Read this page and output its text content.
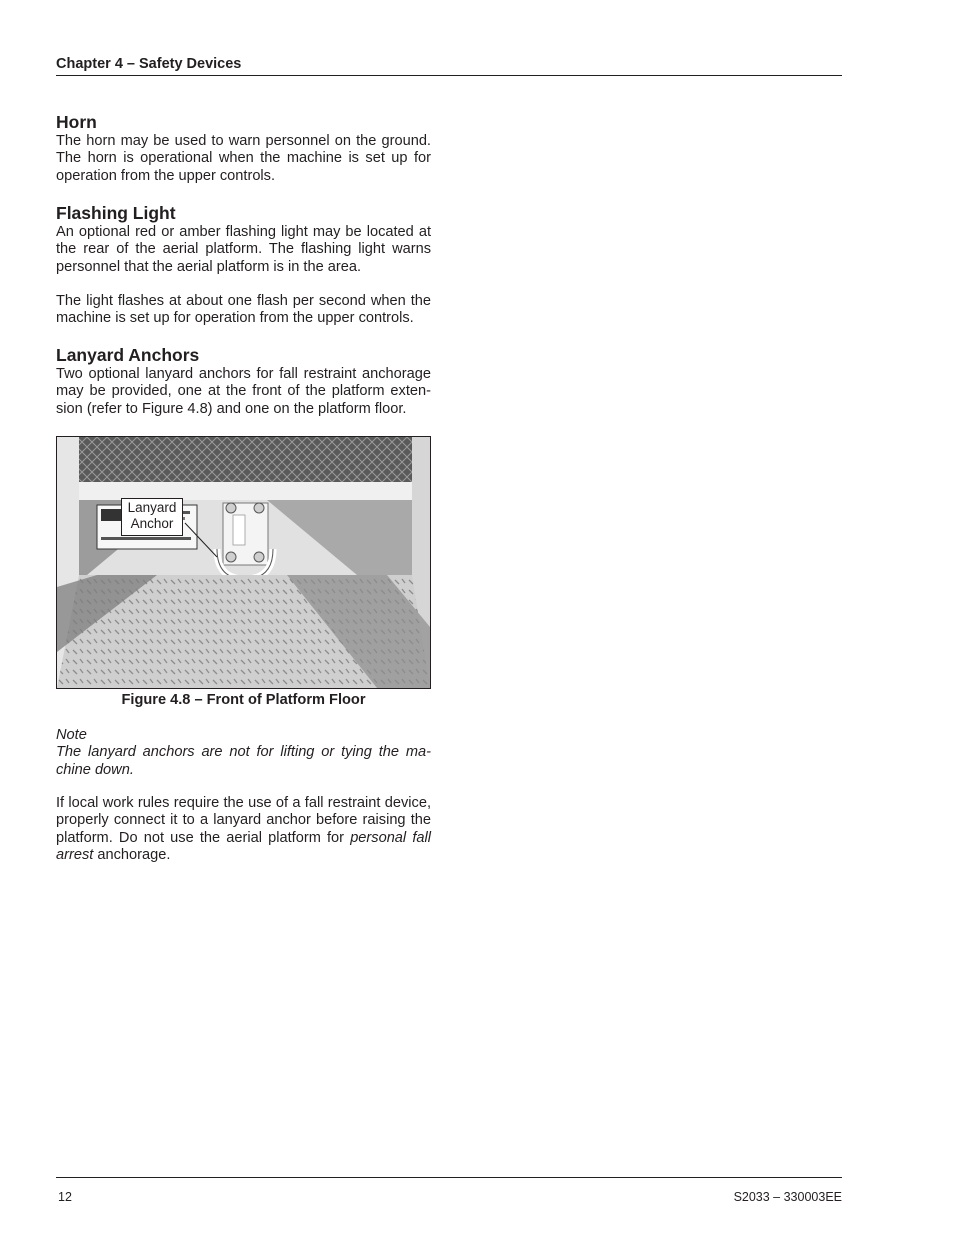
Chapter 4 – Safety Devices
Horn

The horn may be used to warn personnel on the ground. The horn is operational when the machine is set up for operation from the upper controls.

Flashing Light

An optional red or amber flashing light may be located at the rear of the aerial platform. The flashing light warns personnel that the aerial platform is in the area.

The light flashes at about one flash per second when the machine is set up for operation from the upper controls.

Lanyard Anchors

Two optional lanyard anchors for fall restraint anchorage may be provided, one at the front of the platform exten-sion (refer to Figure 4.8) and one on the platform floor.

Lanyard
Anchor
Figure 4.8 – Front of Platform Floor

Note

The lanyard anchors are not for lifting or tying the ma-chine down.

If local work rules require the use of a fall restraint device, properly connect it to a lanyard anchor before raising the platform. Do not use the aerial platform for personal fall arrest anchorage.

12	S2033 – 330003EE
